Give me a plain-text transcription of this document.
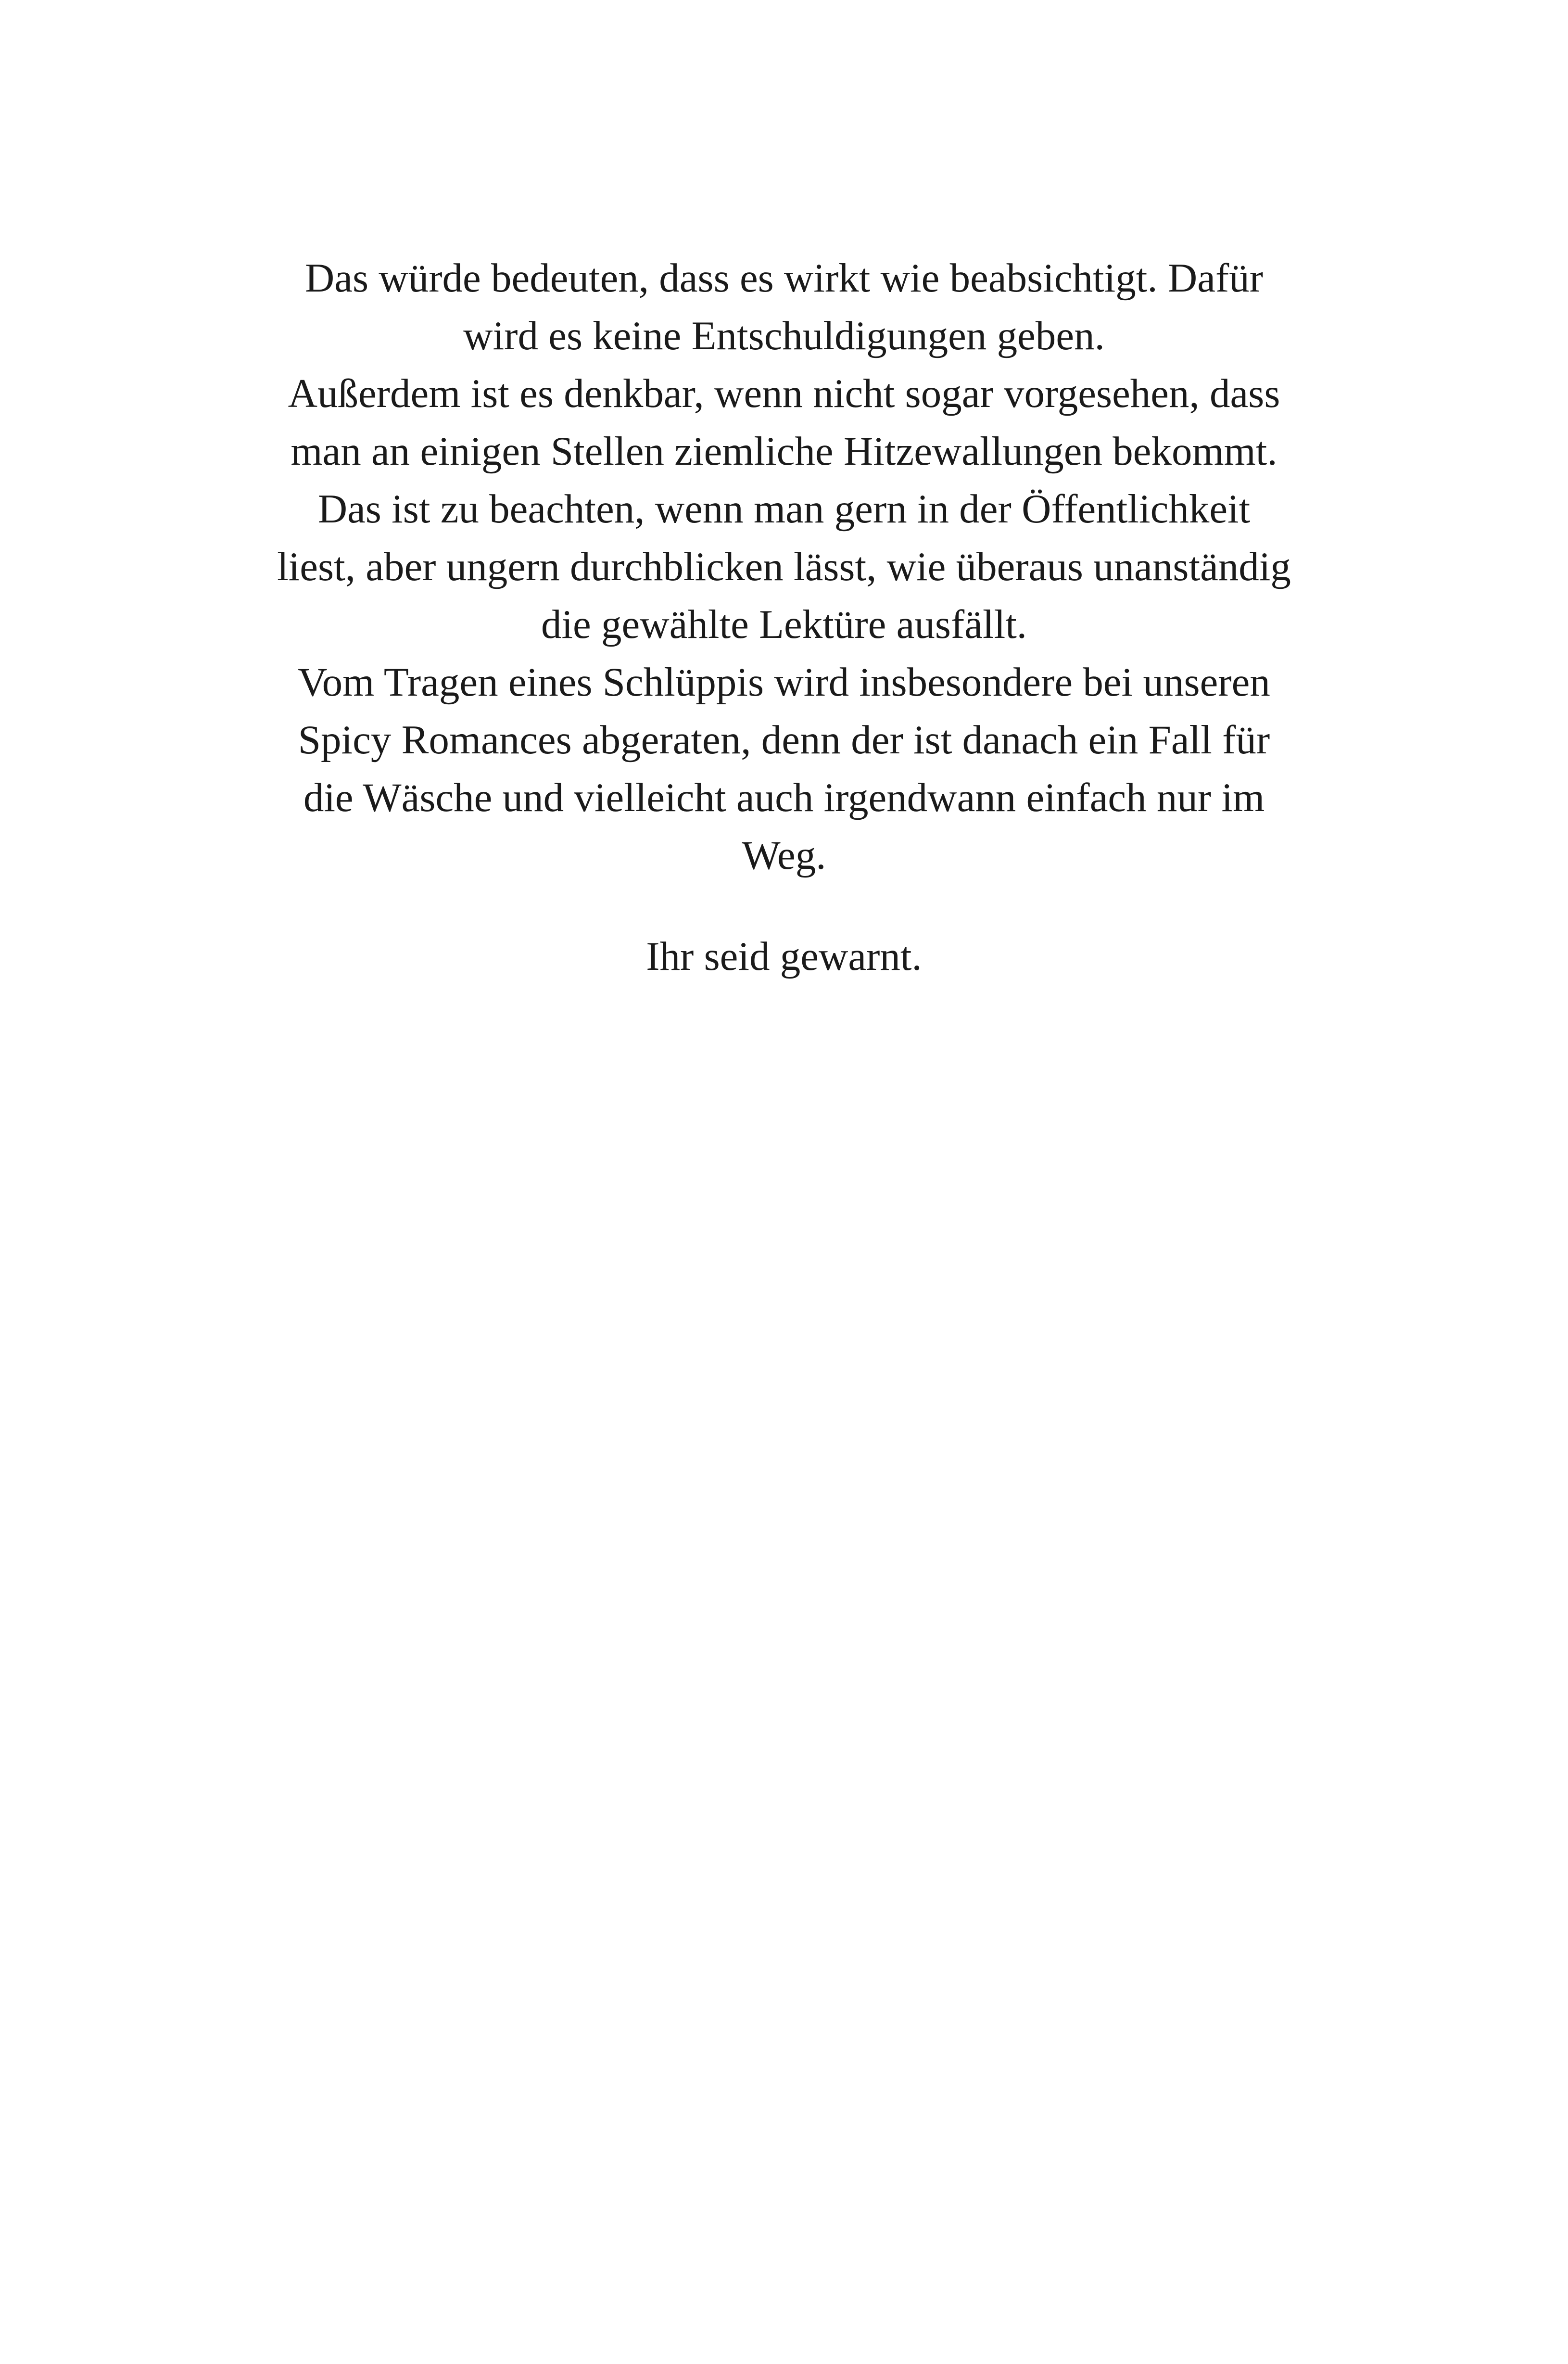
Das würde bedeuten, dass es wirkt wie beabsichtigt. Dafür
wird es keine Entschuldigungen geben.
Außerdem ist es denkbar, wenn nicht sogar vorgesehen, dass
man an einigen Stellen ziemliche Hitzewallungen bekommt.
Das ist zu beachten, wenn man gern in der Öffentlichkeit
liest, aber ungern durchblicken lässt, wie überaus unanständig
die gewählte Lektüre ausfällt.
Vom Tragen eines Schlüppis wird insbesondere bei unseren
Spicy Romances abgeraten, denn der ist danach ein Fall für
die Wäsche und vielleicht auch irgendwann einfach nur im
Weg.
Ihr seid gewarnt.
